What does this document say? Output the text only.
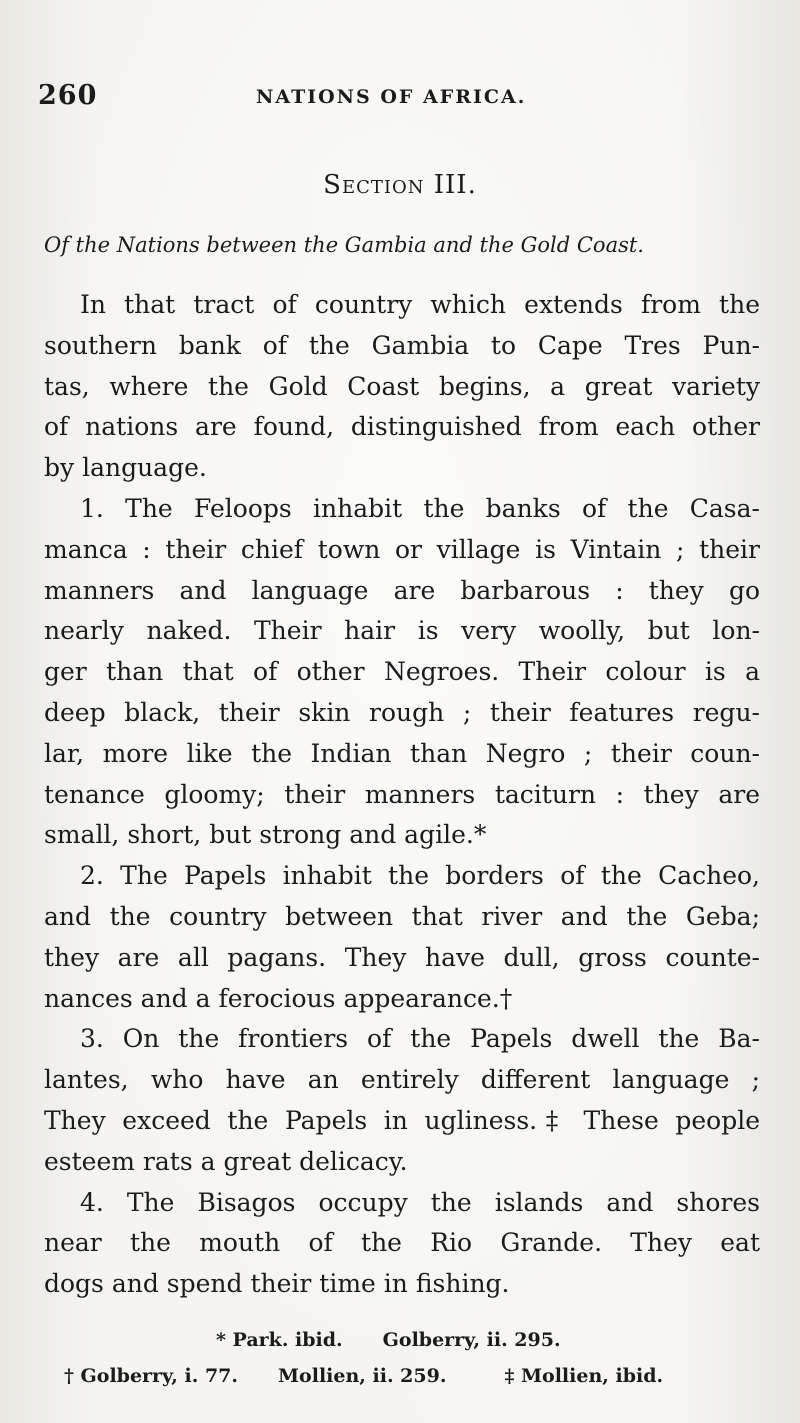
260	NATIONS OF AFRICA.
Section III.
Of the Nations between the Gambia and the Gold Coast.
In that tract of country which extends from the
southern bank of the Gambia to Cape Tres Pun-
tas, where the Gold Coast begins, a great variety
of nations are found, distinguished from each other
by language.
1. The Feloops inhabit the banks of the Casa-
manca : their chief town or village is Vintain ; their
manners and language are barbarous : they go
nearly naked. Their hair is very woolly, but lon-
ger than that of other Negroes. Their colour is a
deep black, their skin rough ; their features regu-
lar, more like the Indian than Negro ; their coun-
tenance gloomy; their manners taciturn : they are
small, short, but strong and agile.*
2. The Papels inhabit the borders of the Cacheo,
and the country between that river and the Geba;
they are all pagans. They have dull, gross counte-
nances and a ferocious appearance.†
3. On the frontiers of the Papels dwell the Ba-
lantes, who have an entirely different language ;
They exceed the Papels in ugliness.‡ These people
esteem rats a great delicacy.
4. The Bisagos occupy the islands and shores
near the mouth of the Rio Grande. They eat
dogs and spend their time in fishing.
* Park. ibid. Golberry, ii. 295.
† Golberry, i. 77. Mollien, ii. 259.	‡ Mollien, ibid.
